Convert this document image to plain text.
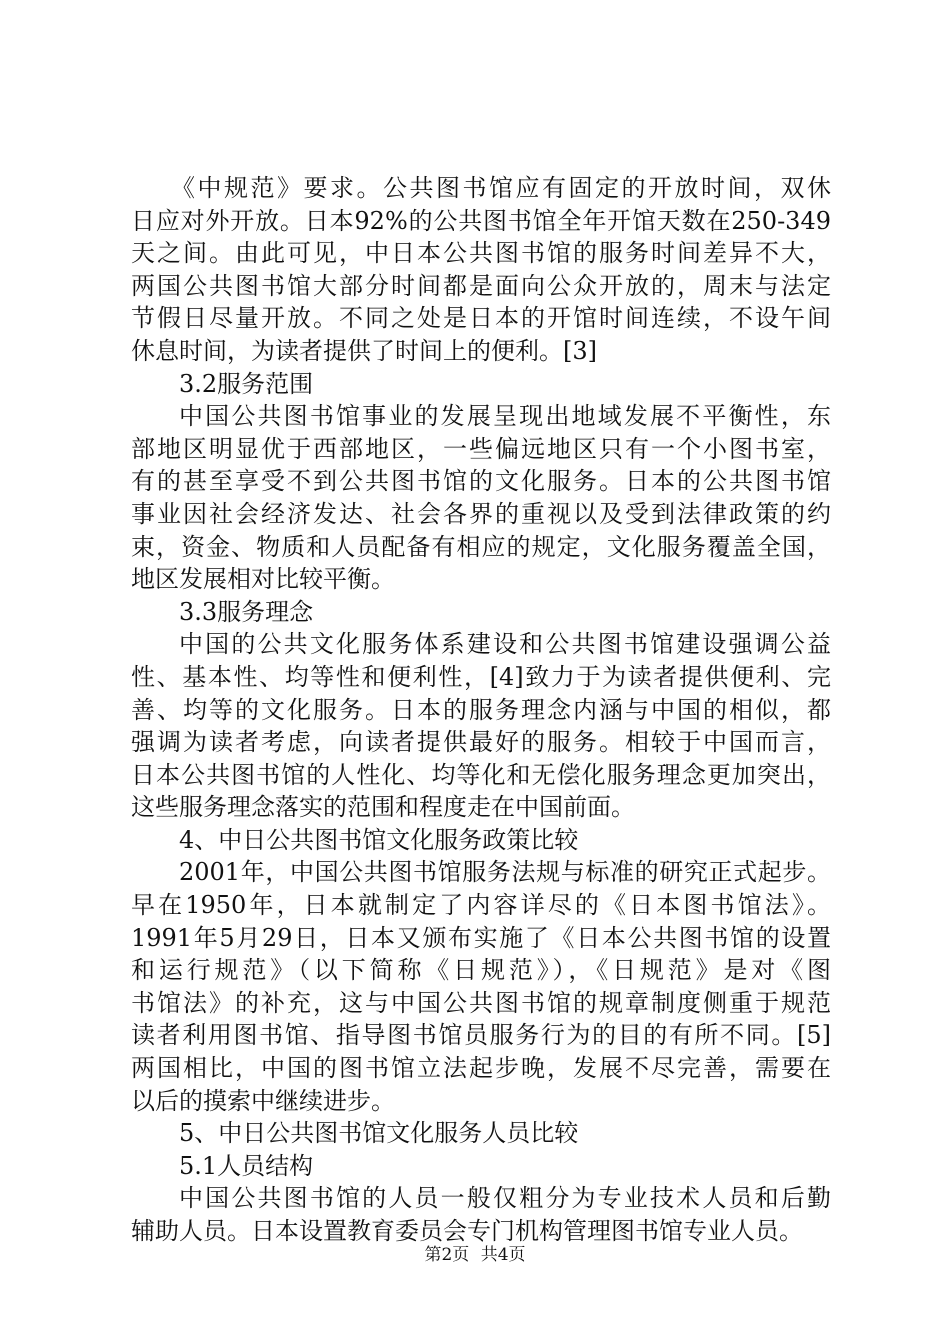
《中规范》要求。公共图书馆应有固定的开放时间，双休
日应对外开放。日本92%的公共图书馆全年开馆天数在250-349
天之间。由此可见，中日本公共图书馆的服务时间差异不大，
两国公共图书馆大部分时间都是面向公众开放的，周末与法定
节假日尽量开放。不同之处是日本的开馆时间连续，不设午间
休息时间，为读者提供了时间上的便利。[3]
3.2服务范围
中国公共图书馆事业的发展呈现出地域发展不平衡性，东
部地区明显优于西部地区，一些偏远地区只有一个小图书室，
有的甚至享受不到公共图书馆的文化服务。日本的公共图书馆
事业因社会经济发达、社会各界的重视以及受到法律政策的约
束，资金、物质和人员配备有相应的规定，文化服务覆盖全国，
地区发展相对比较平衡。
3.3服务理念
中国的公共文化服务体系建设和公共图书馆建设强调公益
性、基本性、均等性和便利性，[4]致力于为读者提供便利、完
善、均等的文化服务。日本的服务理念内涵与中国的相似，都
强调为读者考虑，向读者提供最好的服务。相较于中国而言，
日本公共图书馆的人性化、均等化和无偿化服务理念更加突出，
这些服务理念落实的范围和程度走在中国前面。
4、中日公共图书馆文化服务政策比较
2001年，中国公共图书馆服务法规与标准的研究正式起步。
早在1950年，日本就制定了内容详尽的《日本图书馆法》。
1991年5月29日，日本又颁布实施了《日本公共图书馆的设置
和运行规范》（以下简称《日规范》），《日规范》是对《图
书馆法》的补充，这与中国公共图书馆的规章制度侧重于规范
读者利用图书馆、指导图书馆员服务行为的目的有所不同。[5]
两国相比，中国的图书馆立法起步晚，发展不尽完善，需要在
以后的摸索中继续进步。
5、中日公共图书馆文化服务人员比较
5.1人员结构
中国公共图书馆的人员一般仅粗分为专业技术人员和后勤
辅助人员。日本设置教育委员会专门机构管理图书馆专业人员。
第2页 共4页
